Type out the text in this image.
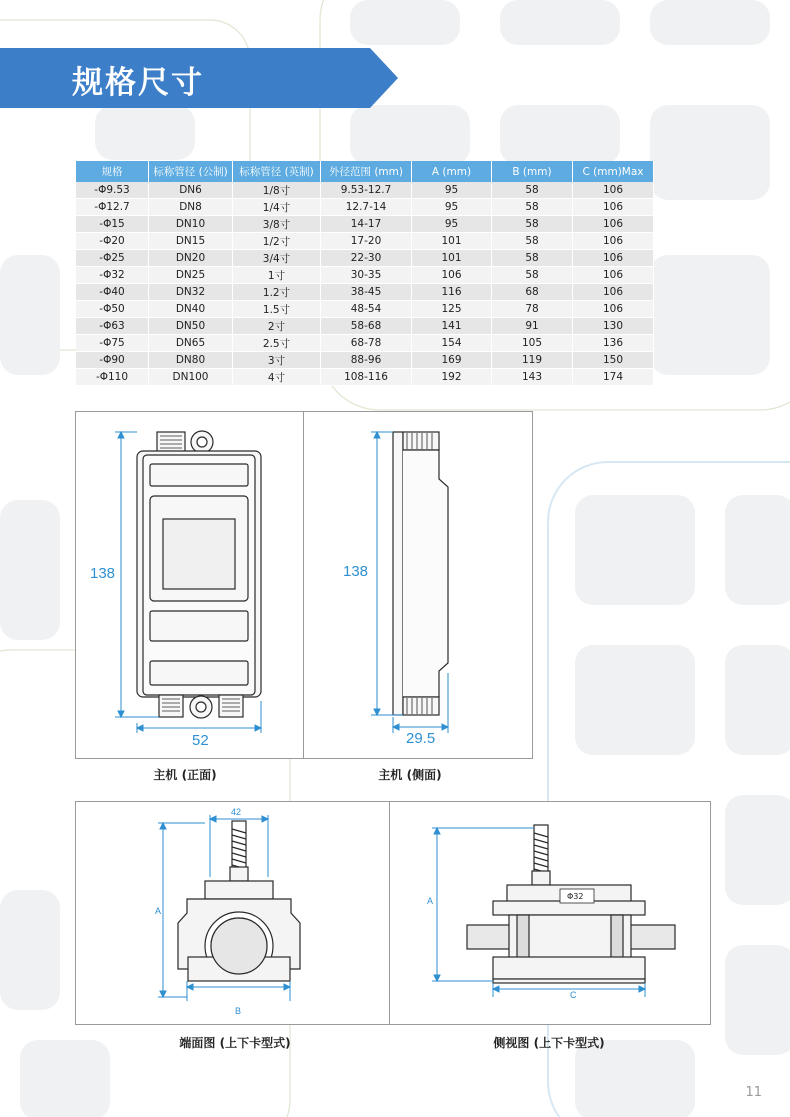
规格尺寸
规格	标称管径 (公制)	标称管径 (英制)	外径范围 (mm)	A (mm)	B (mm)	C (mm)Max
-Φ9.53	DN6	1/8寸	9.53-12.7	95	58	106
-Φ12.7	DN8	1/4寸	12.7-14	95	58	106
-Φ15	DN10	3/8寸	14-17	95	58	106
-Φ20	DN15	1/2寸	17-20	101	58	106
-Φ25	DN20	3/4寸	22-30	101	58	106
-Φ32	DN25	1寸	30-35	106	58	106
-Φ40	DN32	1.2寸	38-45	116	68	106
-Φ50	DN40	1.5寸	48-54	125	78	106
-Φ63	DN50	2寸	58-68	141	91	130
-Φ75	DN65	2.5寸	68-78	154	105	136
-Φ90	DN80	3寸	88-96	169	119	150
-Φ110	DN100	4寸	108-116	192	143	174
138
52
138
29.5
主机 (正面)	主机 (侧面)
42
A
B
Φ32
A
C
端面图 (上下卡型式)	侧视图 (上下卡型式)
11
